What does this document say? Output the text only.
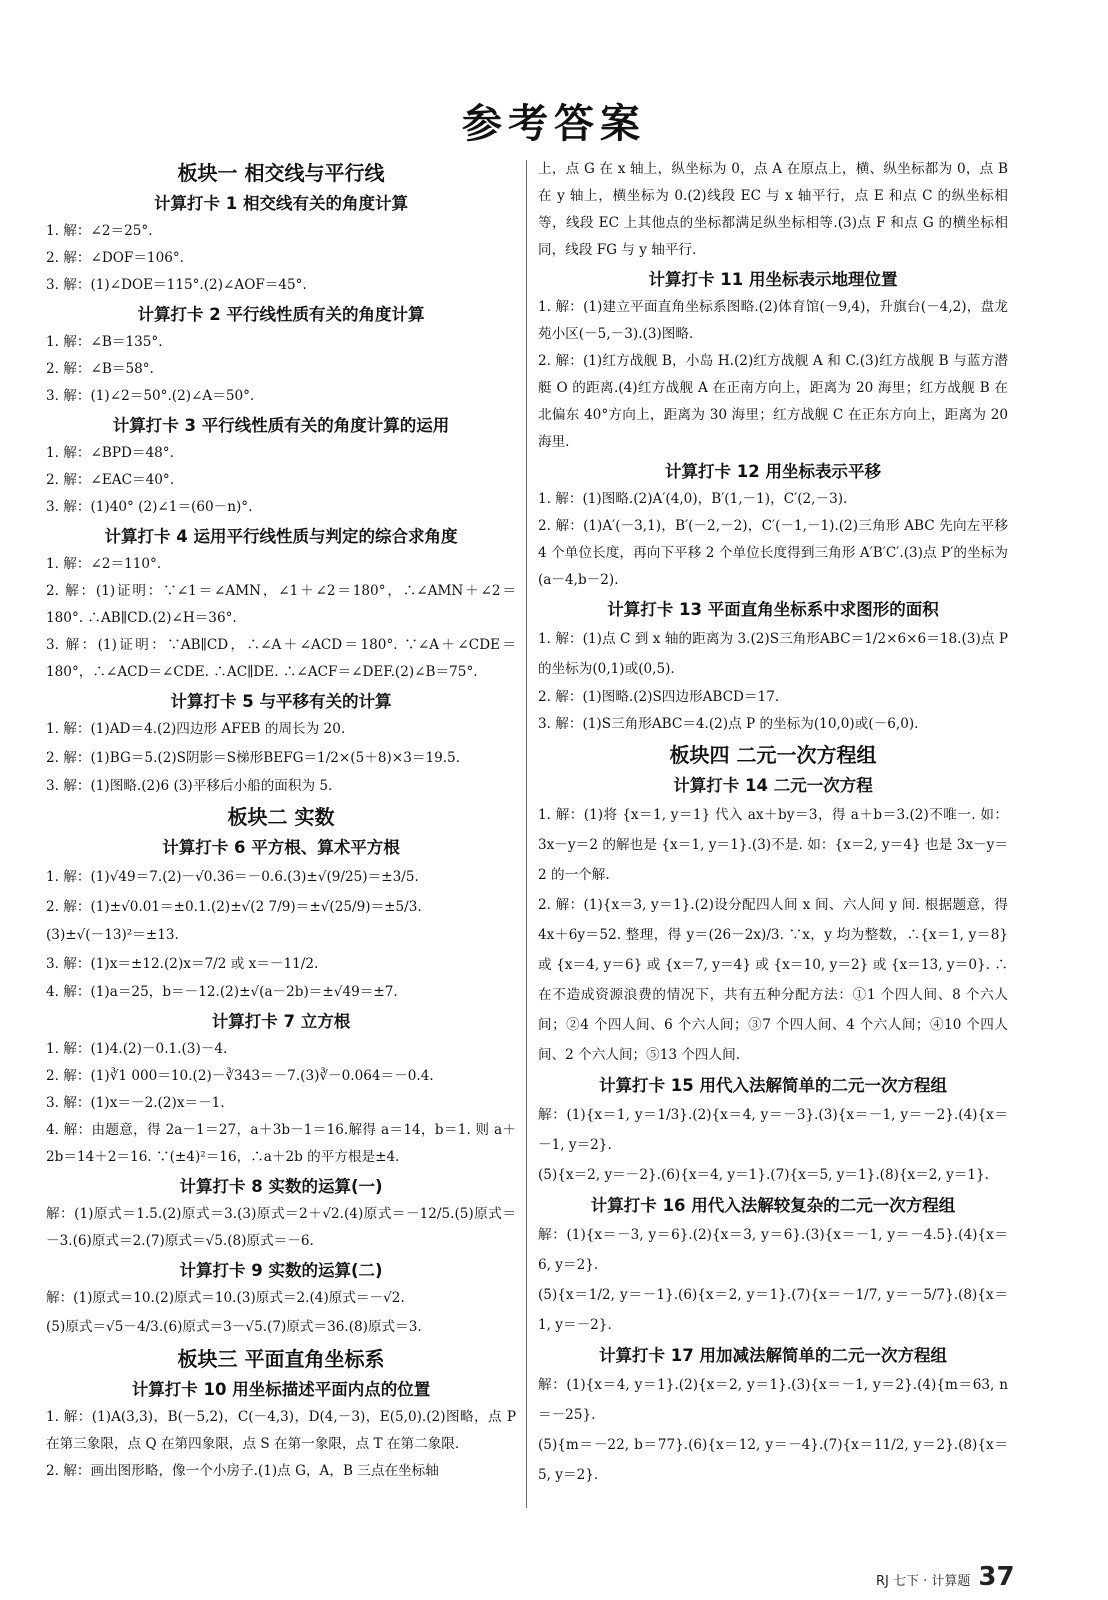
参考答案
板块一 相交线与平行线
计算打卡 1 相交线有关的角度计算
1. 解：∠2＝25°.
2. 解：∠DOF＝106°.
3. 解：(1)∠DOE＝115°.(2)∠AOF＝45°.
计算打卡 2 平行线性质有关的角度计算
1. 解：∠B＝135°.
2. 解：∠B＝58°.
3. 解：(1)∠2＝50°.(2)∠A＝50°.
计算打卡 3 平行线性质有关的角度计算的运用
1. 解：∠BPD＝48°.
2. 解：∠EAC＝40°.
3. 解：(1)40° (2)∠1＝(60－n)°.
计算打卡 4 运用平行线性质与判定的综合求角度
1. 解：∠2＝110°.
2. 解：(1)证明：∵∠1＝∠AMN，∠1＋∠2＝180°，∴∠AMN＋∠2＝180°. ∴AB∥CD.(2)∠H＝36°.
3. 解：(1)证明：∵AB∥CD，∴∠A＋∠ACD＝180°. ∵∠A＋∠CDE＝180°，∴∠ACD＝∠CDE. ∴AC∥DE. ∴∠ACF＝∠DEF.(2)∠B＝75°.
计算打卡 5 与平移有关的计算
1. 解：(1)AD＝4.(2)四边形 AFEB 的周长为 20.
2. 解：(1)BG＝5.(2)S阴影＝S梯形BEFG＝1/2×(5＋8)×3＝19.5.
3. 解：(1)图略.(2)6 (3)平移后小船的面积为 5.
板块二 实数
计算打卡 6 平方根、算术平方根
1. 解：(1)√49＝7.(2)－√0.36＝－0.6.(3)±√(9/25)＝±3/5.
2. 解：(1)±√0.01＝±0.1.(2)±√(2 7/9)＝±√(25/9)＝±5/3.
(3)±√(－13)²＝±13.
3. 解：(1)x＝±12.(2)x＝7/2 或 x＝－11/2.
4. 解：(1)a＝25，b＝－12.(2)±√(a－2b)＝±√49＝±7.
计算打卡 7 立方根
1. 解：(1)4.(2)－0.1.(3)－4.
2. 解：(1)∛1 000＝10.(2)－∛343＝－7.(3)∛－0.064＝－0.4.
3. 解：(1)x＝－2.(2)x＝－1.
4. 解：由题意，得 2a－1＝27，a＋3b－1＝16.解得 a＝14，b＝1. 则 a＋2b＝14＋2＝16. ∵(±4)²＝16，∴a＋2b 的平方根是±4.
计算打卡 8 实数的运算(一)
解：(1)原式＝1.5.(2)原式＝3.(3)原式＝2＋√2.(4)原式＝－12/5.(5)原式＝－3.(6)原式＝2.(7)原式＝√5.(8)原式＝－6.
计算打卡 9 实数的运算(二)
解：(1)原式＝10.(2)原式＝10.(3)原式＝2.(4)原式＝－√2.
(5)原式＝√5－4/3.(6)原式＝3－√5.(7)原式＝36.(8)原式＝3.
板块三 平面直角坐标系
计算打卡 10 用坐标描述平面内点的位置
1. 解：(1)A(3,3)，B(－5,2)，C(－4,3)，D(4,－3)，E(5,0).(2)图略，点 P 在第三象限，点 Q 在第四象限，点 S 在第一象限，点 T 在第二象限.
2. 解：画出图形略，像一个小房子.(1)点 G，A，B 三点在坐标轴
上，点 G 在 x 轴上，纵坐标为 0，点 A 在原点上，横、纵坐标都为 0，点 B 在 y 轴上，横坐标为 0.(2)线段 EC 与 x 轴平行，点 E 和点 C 的纵坐标相等，线段 EC 上其他点的坐标都满足纵坐标相等.(3)点 F 和点 G 的横坐标相同，线段 FG 与 y 轴平行.
计算打卡 11 用坐标表示地理位置
1. 解：(1)建立平面直角坐标系图略.(2)体育馆(－9,4)，升旗台(－4,2)，盘龙苑小区(－5,－3).(3)图略.
2. 解：(1)红方战舰 B，小岛 H.(2)红方战舰 A 和 C.(3)红方战舰 B 与蓝方潜艇 O 的距离.(4)红方战舰 A 在正南方向上，距离为 20 海里；红方战舰 B 在北偏东 40°方向上，距离为 30 海里；红方战舰 C 在正东方向上，距离为 20 海里.
计算打卡 12 用坐标表示平移
1. 解：(1)图略.(2)A′(4,0)，B′(1,－1)，C′(2,－3).
2. 解：(1)A′(－3,1)，B′(－2,－2)，C′(－1,－1).(2)三角形 ABC 先向左平移 4 个单位长度，再向下平移 2 个单位长度得到三角形 A′B′C′.(3)点 P′的坐标为(a－4,b－2).
计算打卡 13 平面直角坐标系中求图形的面积
1. 解：(1)点 C 到 x 轴的距离为 3.(2)S三角形ABC＝1/2×6×6＝18.(3)点 P 的坐标为(0,1)或(0,5).
2. 解：(1)图略.(2)S四边形ABCD＝17.
3. 解：(1)S三角形ABC＝4.(2)点 P 的坐标为(10,0)或(－6,0).
板块四 二元一次方程组
计算打卡 14 二元一次方程
1. 解：(1)将 {x＝1, y＝1} 代入 ax＋by＝3，得 a＋b＝3.(2)不唯一. 如：3x－y＝2 的解也是 {x＝1, y＝1}.(3)不是. 如：{x＝2, y＝4} 也是 3x－y＝2 的一个解.
2. 解：(1){x＝3, y＝1}.(2)设分配四人间 x 间、六人间 y 间. 根据题意，得 4x＋6y＝52. 整理，得 y＝(26－2x)/3. ∵x，y 均为整数，∴{x＝1, y＝8} 或 {x＝4, y＝6} 或 {x＝7, y＝4} 或 {x＝10, y＝2} 或 {x＝13, y＝0}. ∴在不造成资源浪费的情况下，共有五种分配方法：①1 个四人间、8 个六人间；②4 个四人间、6 个六人间；③7 个四人间、4 个六人间；④10 个四人间、2 个六人间；⑤13 个四人间.
计算打卡 15 用代入法解简单的二元一次方程组
解：(1){x＝1, y＝1/3}.(2){x＝4, y＝－3}.(3){x＝－1, y＝－2}.(4){x＝－1, y＝2}.
(5){x＝2, y＝－2}.(6){x＝4, y＝1}.(7){x＝5, y＝1}.(8){x＝2, y＝1}.
计算打卡 16 用代入法解较复杂的二元一次方程组
解：(1){x＝－3, y＝6}.(2){x＝3, y＝6}.(3){x＝－1, y＝－4.5}.(4){x＝6, y＝2}.
(5){x＝1/2, y＝－1}.(6){x＝2, y＝1}.(7){x＝－1/7, y＝－5/7}.(8){x＝1, y＝－2}.
计算打卡 17 用加减法解简单的二元一次方程组
解：(1){x＝4, y＝1}.(2){x＝2, y＝1}.(3){x＝－1, y＝2}.(4){m＝63, n＝－25}.
(5){m＝－22, b＝77}.(6){x＝12, y＝－4}.(7){x＝11/2, y＝2}.(8){x＝5, y＝2}.
RJ 七下 · 计算题 37
